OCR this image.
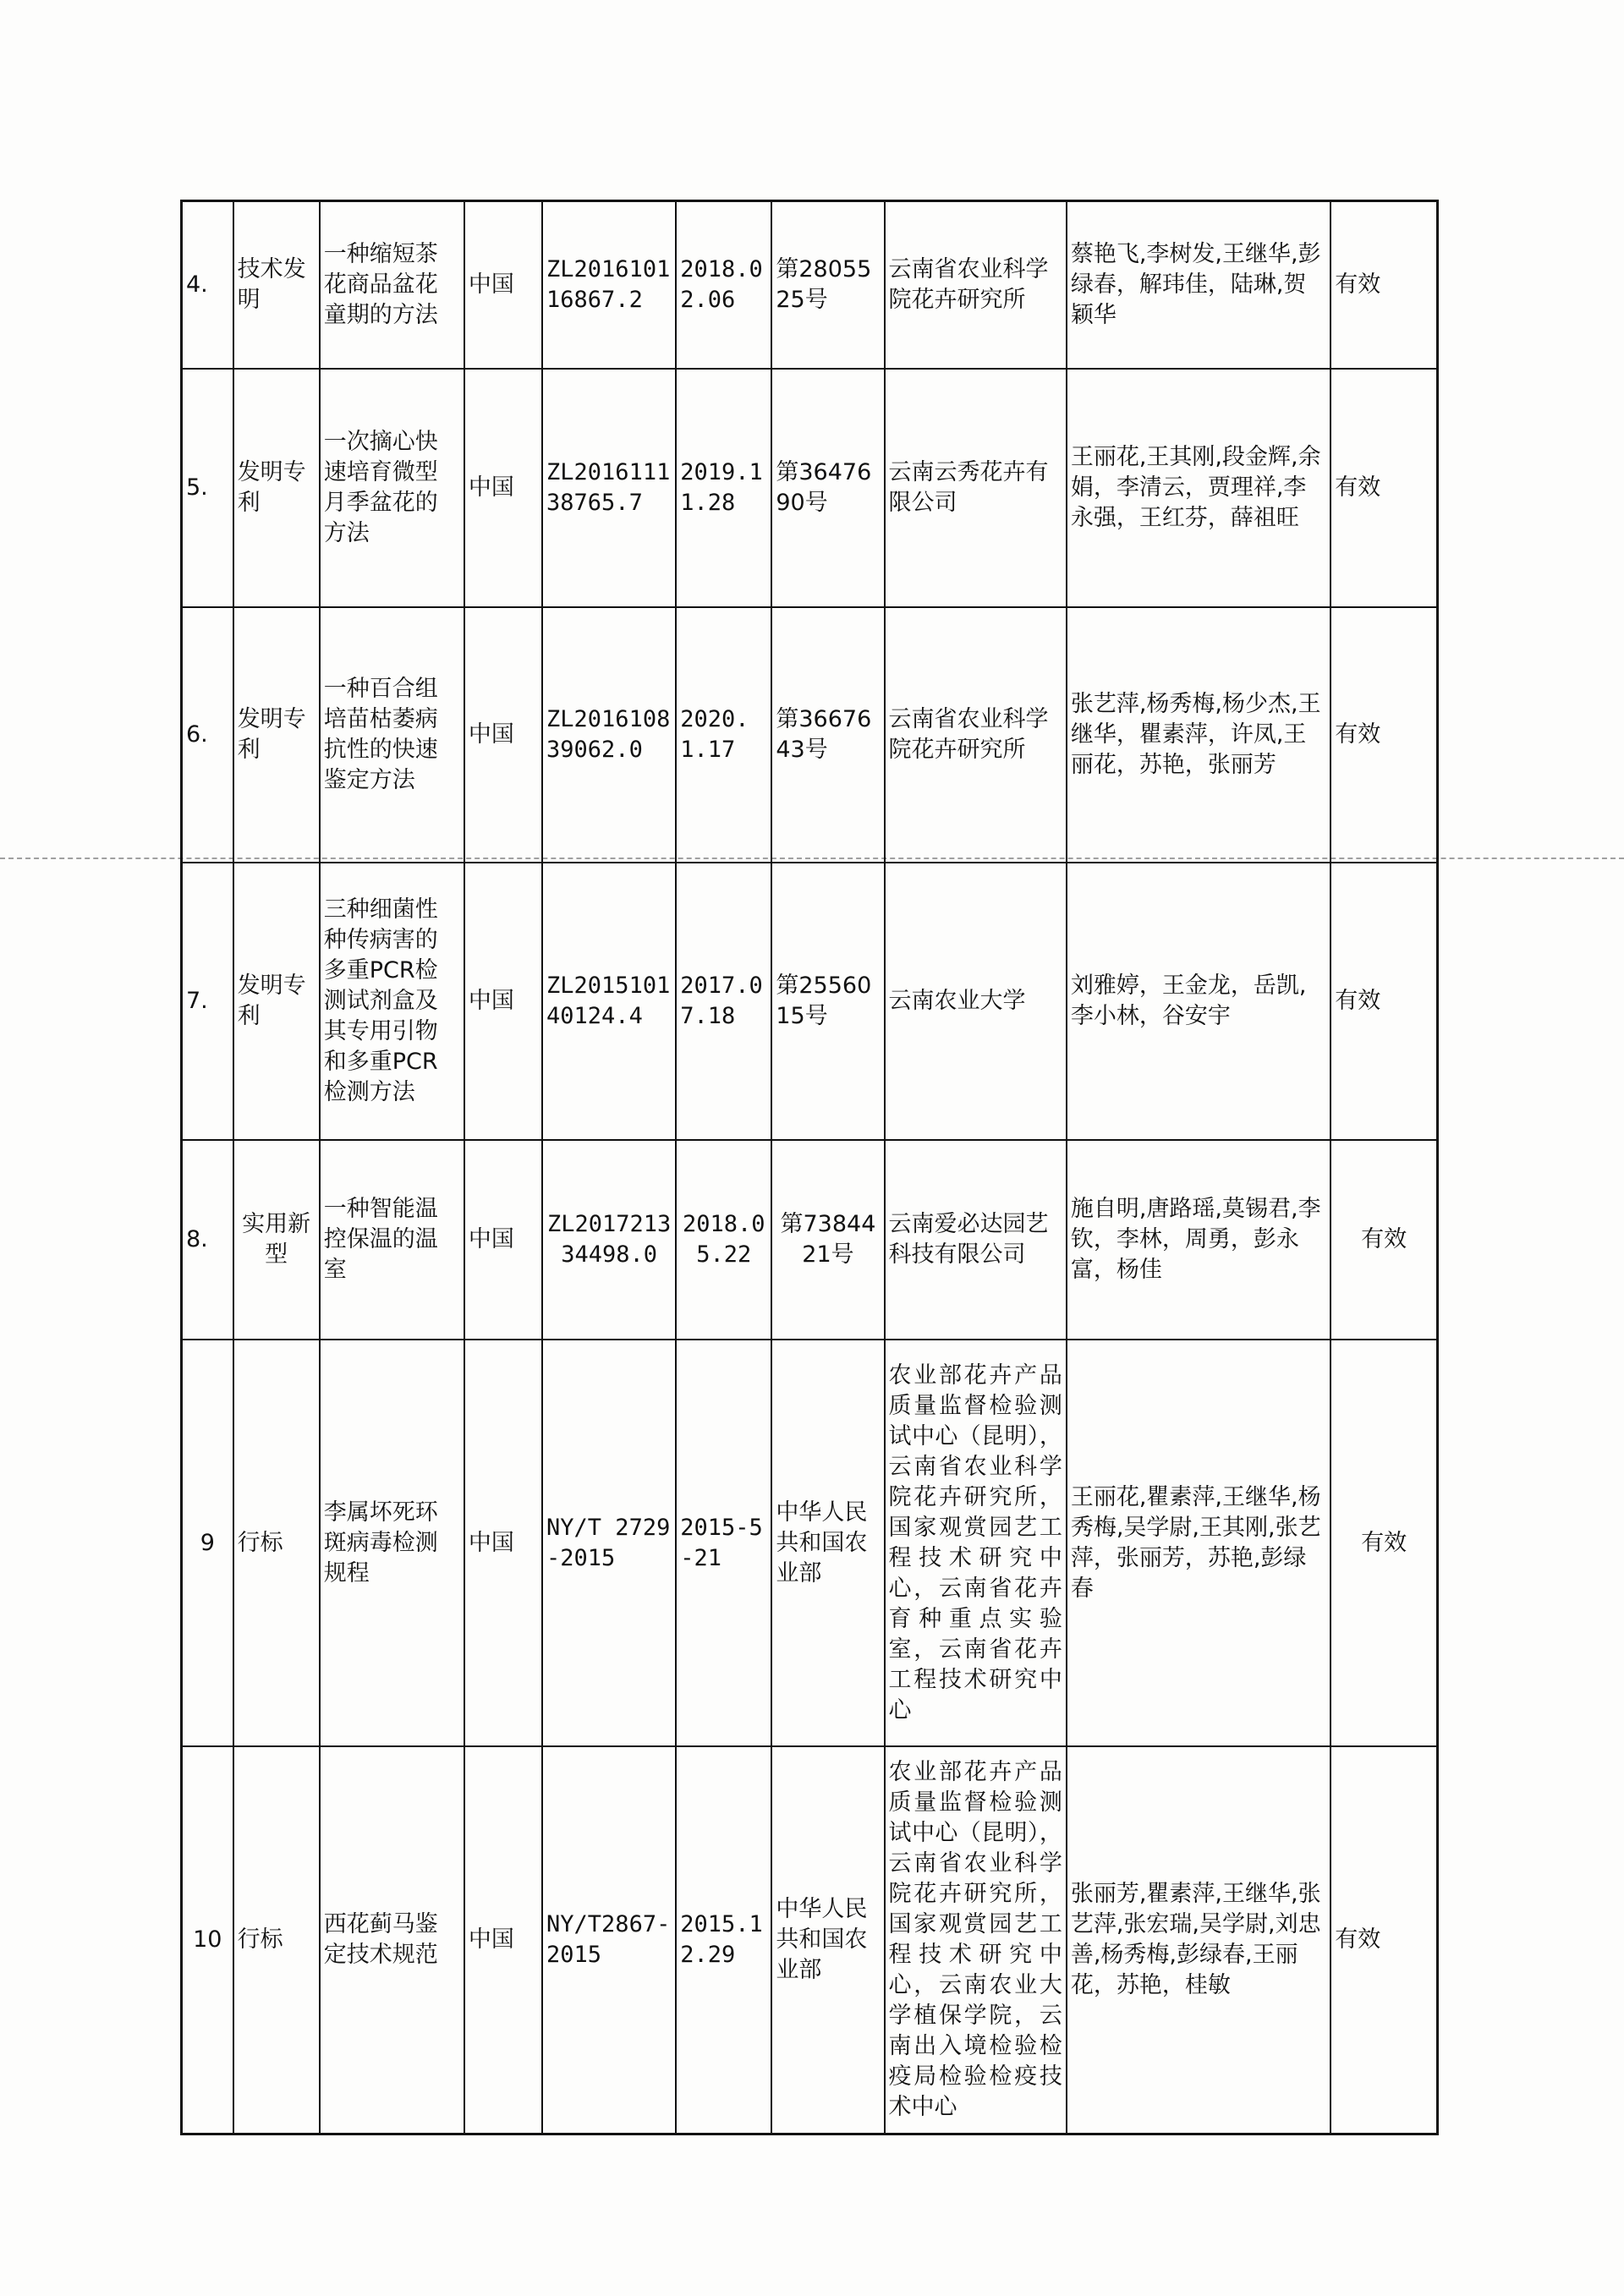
4.	技术发明	一种缩短茶花商品盆花童期的方法	中国	ZL201610116867.2	2018.02.06	第2805525号	云南省农业科学院花卉研究所	蔡艳飞,李树发,王继华,彭绿春，解玮佳，陆琳,贺颖华	有效
5.	发明专利	一次摘心快速培育微型月季盆花的方法	中国	ZL201611138765.7	2019.11.28	第3647690号	云南云秀花卉有限公司	王丽花,王其刚,段金辉,余娟，李清云，贾理祥,李永强，王红芬，薛祖旺	有效
6.	发明专利	一种百合组培苗枯萎病抗性的快速鉴定方法	中国	ZL201610839062.0	2020.1.17	第3667643号	云南省农业科学院花卉研究所	张艺萍,杨秀梅,杨少杰,王继华，瞿素萍，许凤,王丽花，苏艳，张丽芳	有效
7.	发明专利	三种细菌性种传病害的多重PCR检测试剂盒及其专用引物和多重PCR检测方法	中国	ZL201510140124.4	2017.07.18	第2556015号	云南农业大学	刘雅婷，王金龙，岳凯,李小林，谷安宇	有效
8.	实用新型	一种智能温控保温的温室	中国	ZL201721334498.0	2018.05.22	第7384421号	云南爱必达园艺科技有限公司	施自明,唐路瑶,莫锡君,李钦，李林，周勇，彭永富，杨佳	有效
9	行标	李属坏死环斑病毒检测规程	中国	NY/T 2729-2015	2015-5-21	中华人民共和国农业部	农业部花卉产品质量监督检验测试中心（昆明），云南省农业科学院花卉研究所，国家观赏园艺工程技术研究中心，云南省花卉育种重点实验室，云南省花卉工程技术研究中心	王丽花,瞿素萍,王继华,杨秀梅,吴学尉,王其刚,张艺萍，张丽芳，苏艳,彭绿春	有效
10	行标	西花蓟马鉴定技术规范	中国	NY/T2867-2015	2015.12.29	中华人民共和国农业部	农业部花卉产品质量监督检验测试中心（昆明），云南省农业科学院花卉研究所，国家观赏园艺工程技术研究中心，云南农业大学植保学院，云南出入境检验检疫局检验检疫技术中心	张丽芳,瞿素萍,王继华,张艺萍,张宏瑞,吴学尉,刘忠善,杨秀梅,彭绿春,王丽花，苏艳，桂敏	有效
